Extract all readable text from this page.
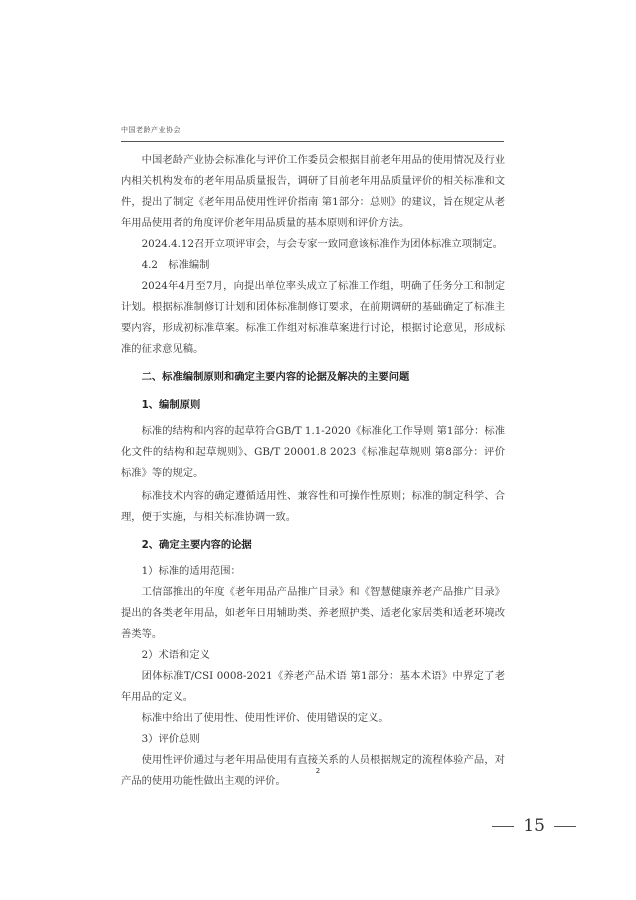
中国老龄产业协会

中国老龄产业协会标准化与评价工作委员会根据目前老年用品的使用情况及行业内相关机构发布的老年用品质量报告，调研了目前老年用品质量评价的相关标准和文件，提出了制定《老年用品使用性评价指南 第1部分：总则》的建议，旨在规定从老年用品使用者的角度评价老年用品质量的基本原则和评价方法。

2024.4.12召开立项评审会，与会专家一致同意该标准作为团体标准立项制定。

4.2　标准编制

2024年4月至7月，向提出单位率头成立了标准工作组，明确了任务分工和制定计划。根据标准制修订计划和团体标准制修订要求，在前期调研的基础确定了标准主要内容，形成初标准草案。标准工作组对标准草案进行讨论，根据讨论意见，形成标准的征求意见稿。

二、标准编制原则和确定主要内容的论据及解决的主要问题

1、编制原则

标准的结构和内容的起草符合GB/T 1.1-2020《标准化工作导则 第1部分：标准化文件的结构和起草规则》、GB/T 20001.8 2023《标准起草规则 第8部分：评价标准》等的规定。

标准技术内容的确定遵循适用性、兼容性和可操作性原则；标准的制定科学、合理，便于实施，与相关标准协调一致。

2、确定主要内容的论据

1）标准的适用范围：

工信部推出的年度《老年用品产品推广目录》和《智慧健康养老产品推广目录》提出的各类老年用品，如老年日用辅助类、养老照护类、适老化家居类和适老环境改善类等。

2）术语和定义

团体标准T/CSI 0008-2021《养老产品术语 第1部分：基本术语》中界定了老年用品的定义。

标准中给出了使用性、使用性评价、使用错误的定义。

3）评价总则

使用性评价通过与老年用品使用有直接关系的人员根据规定的流程体验产品，对产品的使用功能性做出主观的评价。

2
15
